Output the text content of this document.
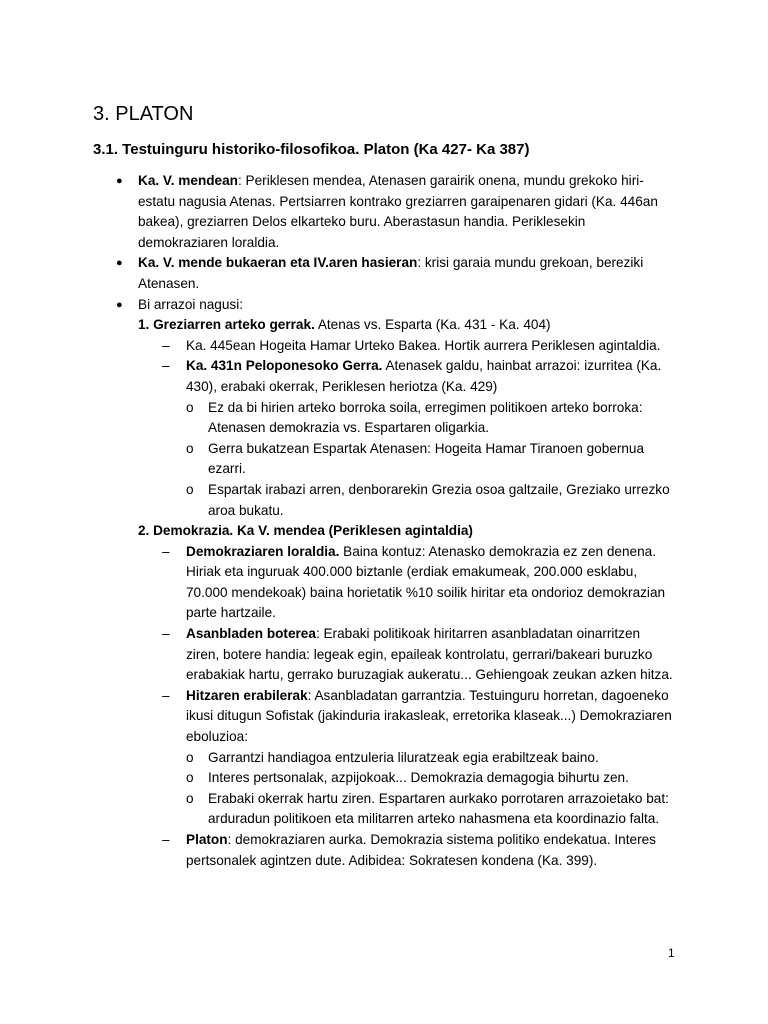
3. PLATON
3.1. Testuinguru historiko-filosofikoa. Platon (Ka 427- Ka 387)
● Ka. V. mendean: Periklesen mendea, Atenasen garairik onena, mundu grekoko hiri-estatu nagusia Atenas. Pertsiarren kontrako greziarren garaipenaren gidari (Ka. 446an bakea), greziarren Delos elkarteko buru. Aberastasun handia. Periklesekin demokraziaren loraldia.
● Ka. V. mende bukaeran eta IV.aren hasieran: krisi garaia mundu grekoan, bereziki Atenasen.
● Bi arrazoi nagusi:
1. Greziarren arteko gerrak. Atenas vs. Esparta (Ka. 431 - Ka. 404)
– Ka. 445ean Hogeita Hamar Urteko Bakea. Hortik aurrera Periklesen agintaldia.
– Ka. 431n Peloponesoko Gerra. Atenasek galdu, hainbat arrazoi: izurritea (Ka. 430), erabaki okerrak, Periklesen heriotza (Ka. 429)
o Ez da bi hirien arteko borroka soila, erregimen politikoen arteko borroka: Atenasen demokrazia vs. Espartaren oligarkia.
o Gerra bukatzean Espartak Atenasen: Hogeita Hamar Tiranoen gobernua ezarri.
o Espartak irabazi arren, denborarekin Grezia osoa galtzaile, Greziako urrezko aroa bukatu.
2. Demokrazia. Ka V. mendea (Periklesen agintaldia)
– Demokraziaren loraldia. Baina kontuz: Atenasko demokrazia ez zen denena. Hiriak eta inguruak 400.000 biztanle (erdiak emakumeak, 200.000 esklabu, 70.000 mendekoak) baina horietatik %10 soilik hiritar eta ondorioz demokrazian parte hartzaile.
– Asanbladen boterea: Erabaki politikoak hiritarren asanbladatan oinarritzen ziren, botere handia: legeak egin, epaileak kontrolatu, gerrari/bakeari buruzko erabakiak hartu, gerrako buruzagiak aukeratu... Gehiengoak zeukan azken hitza.
– Hitzaren erabilerak: Asanbladatan garrantzia. Testuinguru horretan, dagoeneko ikusi ditugun Sofistak (jakinduria irakasleak, erretorika klaseak...) Demokraziaren eboluzioa:
o Garrantzi handiagoa entzuleria liluratzeak egia erabiltzeak baino.
o Interes pertsonalak, azpijokoak... Demokrazia demagogia bihurtu zen.
o Erabaki okerrak hartu ziren. Espartaren aurkako porrotaren arrazoietako bat: arduradun politikoen eta militarren arteko nahasmena eta koordinazio falta.
– Platon: demokraziaren aurka. Demokrazia sistema politiko endekatua. Interes pertsonalek agintzen dute. Adibidea: Sokratesen kondena (Ka. 399).
1
